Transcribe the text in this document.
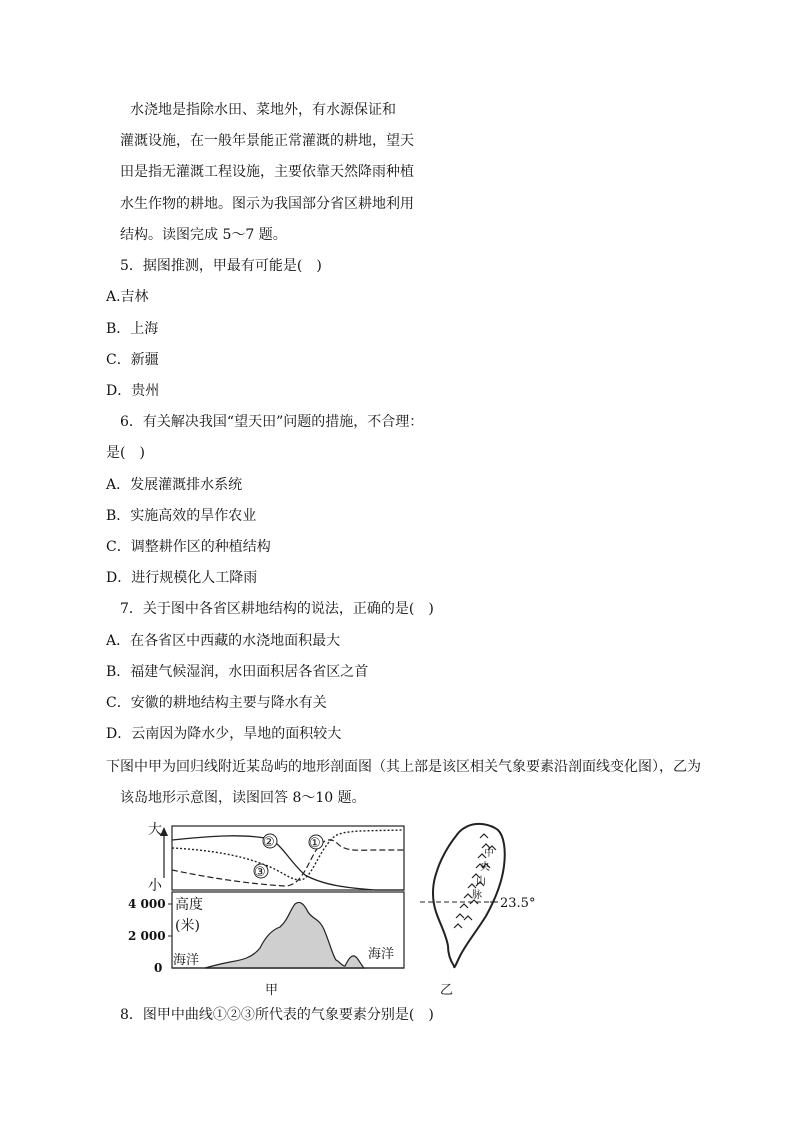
水浇地是指除水田、菜地外，有水源保证和
灌溉设施，在一般年景能正常灌溉的耕地，望天
田是指无灌溉工程设施，主要依靠天然降雨种植
水生作物的耕地。图示为我国部分省区耕地利用
结构。读图完成 5～7 题。
5．据图推测，甲最有可能是(　)
A.吉林
B．上海
C．新疆
D．贵州
6．有关解决我国“望天田”问题的措施，不合理：
是(　)
A．发展灌溉排水系统
B．实施高效的旱作农业
C．调整耕作区的种植结构
D．进行规模化人工降雨
7．关于图中各省区耕地结构的说法，正确的是(　)
A．在各省区中西藏的水浇地面积最大
B．福建气候湿润，水田面积居各省区之首
C．安徽的耕地结构主要与降水有关
D．云南因为降水少，旱地的面积较大
下图中甲为回归线附近某岛屿的地形剖面图（其上部是该区相关气象要素沿剖面线变化图），乙为
该岛地形示意图，读图回答 8～10 题。
大
小
②	①
③
4 000
2 000
0
高度
(米)
海洋	海洋
甲
中
央
山
脉
23.5°
乙
8．图甲中曲线①②③所代表的气象要素分别是(　)
